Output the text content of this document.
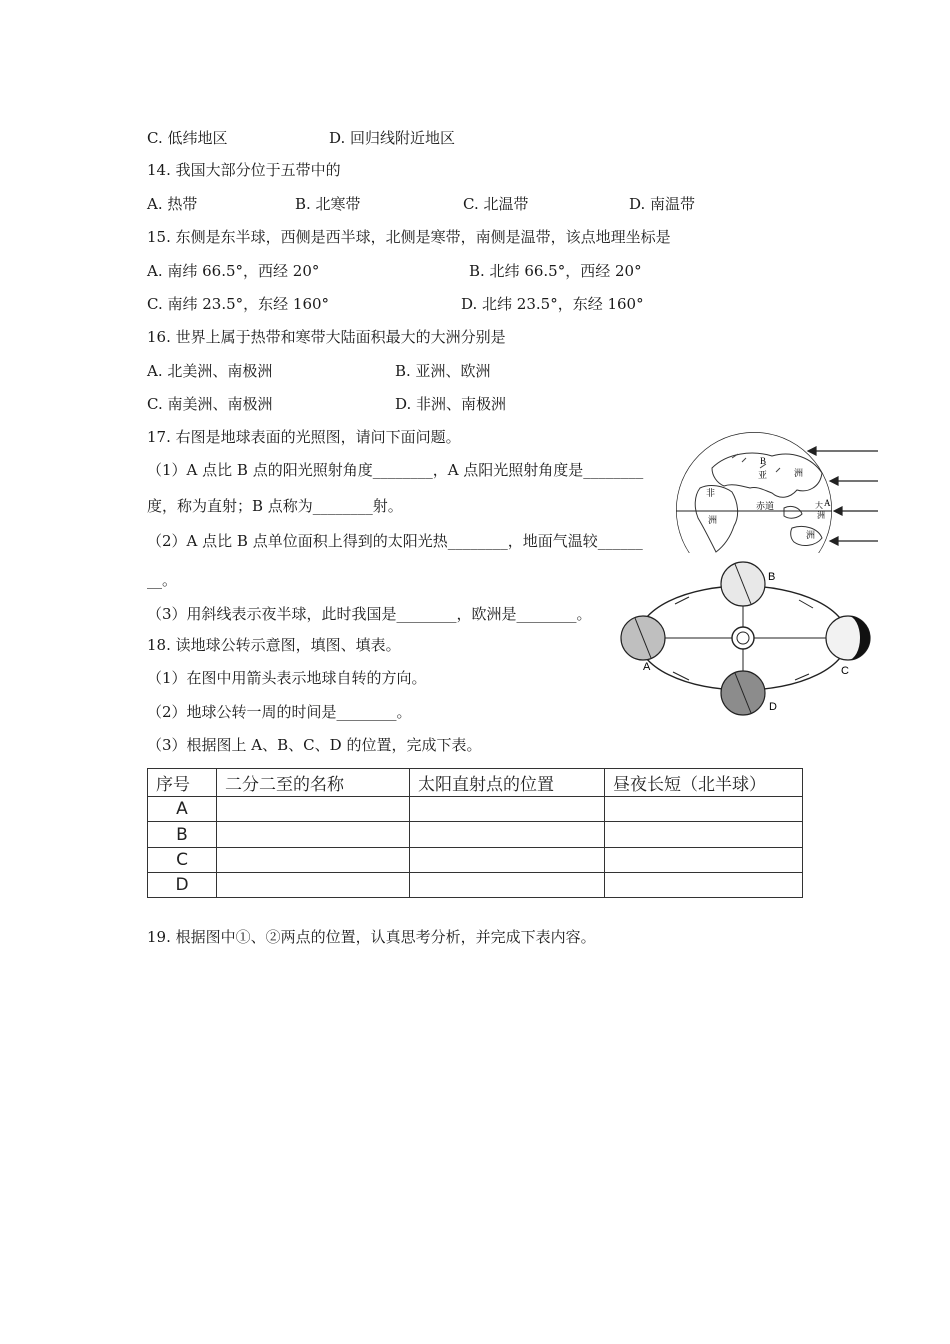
C. 低纬地区	D. 回归线附近地区
14. 我国大部分位于五带中的
A. 热带	B. 北寒带	C. 北温带	D. 南温带
15. 东侧是东半球，西侧是西半球，北侧是寒带，南侧是温带，该点地理坐标是
A. 南纬 66.5°，西经 20°	B. 北纬 66.5°，西经 20°
C. 南纬 23.5°，东经 160°	D. 北纬 23.5°，东经 160°
16. 世界上属于热带和寒带大陆面积最大的大洲分别是
A. 北美洲、南极洲	B. 亚洲、欧洲
C. 南美洲、南极洲	D. 非洲、南极洲
17. 右图是地球表面的光照图，请问下面问题。
（1）A 点比 B 点的阳光照射角度________，A 点阳光照射角度是________
度，称为直射；B 点称为________射。
（2）A 点比 B 点单位面积上得到的太阳光热________，地面气温较______
__。
（3）用斜线表示夜半球，此时我国是________，欧洲是________。
18. 读地球公转示意图，填图、填表。
（1）在图中用箭头表示地球自转的方向。
（2）地球公转一周的时间是________。
（3）根据图上 A、B、C、D 的位置，完成下表。
19. 根据图中①、②两点的位置，认真思考分析，并完成下表内容。
B
亚	洲
非
洲
赤道
洲
A
大
洲
A
B
C
D
序号	二分二至的名称	太阳直射点的位置	昼夜长短（北半球）
A			
B			
C			
D			
